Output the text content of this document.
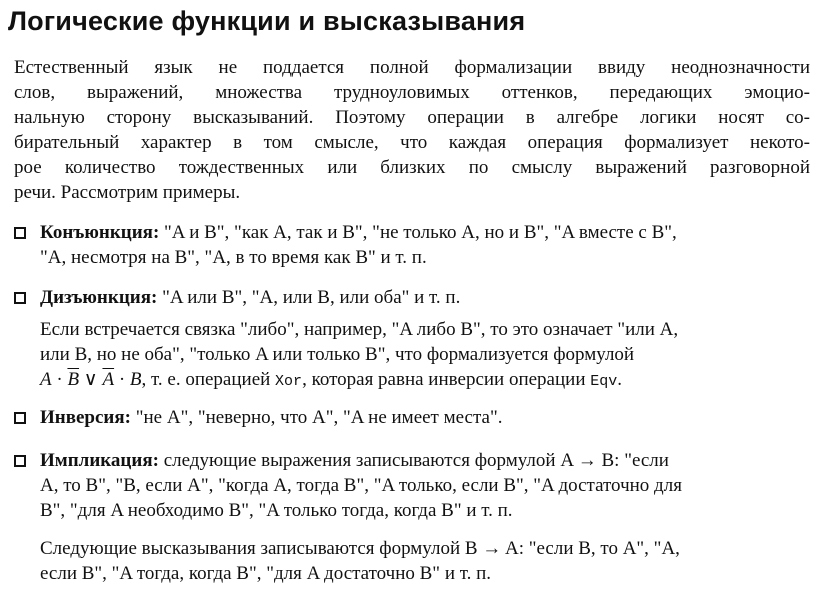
Логические функции и высказывания
Естественный язык не поддается полной формализации ввиду неоднозначности
слов, выражений, множества трудноуловимых оттенков, передающих эмоцио-
нальную сторону высказываний. Поэтому операции в алгебре логики носят со-
бирательный характер в том смысле, что каждая операция формализует некото-
рое количество тождественных или близких по смыслу выражений разговорной
речи. Рассмотрим примеры.
Конъюнкция: "A и B", "как A, так и B", "не только A, но и B", "A вместе с B",
"A, несмотря на B", "A, в то время как B" и т. п.
Дизъюнкция: "A или B", "A, или B, или оба" и т. п.
Если встречается связка "либо", например, "A либо B", то это означает "или A,
или B, но не оба", "только A или только B", что формализуется формулой
$A \cdot \overline{B}$ ∨ $\overline{A} \cdot B$, т. е. операцией Xor, которая равна инверсии операции Eqv.
Инверсия: "не A", "неверно, что A", "A не имеет места".
Импликация: следующие выражения записываются формулой A → B: "если
A, то B", "B, если A", "когда A, тогда B", "A только, если B", "A достаточно для
B", "для A необходимо B", "A только тогда, когда B" и т. п.
Следующие высказывания записываются формулой B → A: "если B, то A", "A,
если B", "A тогда, когда B", "для A достаточно B" и т. п.
